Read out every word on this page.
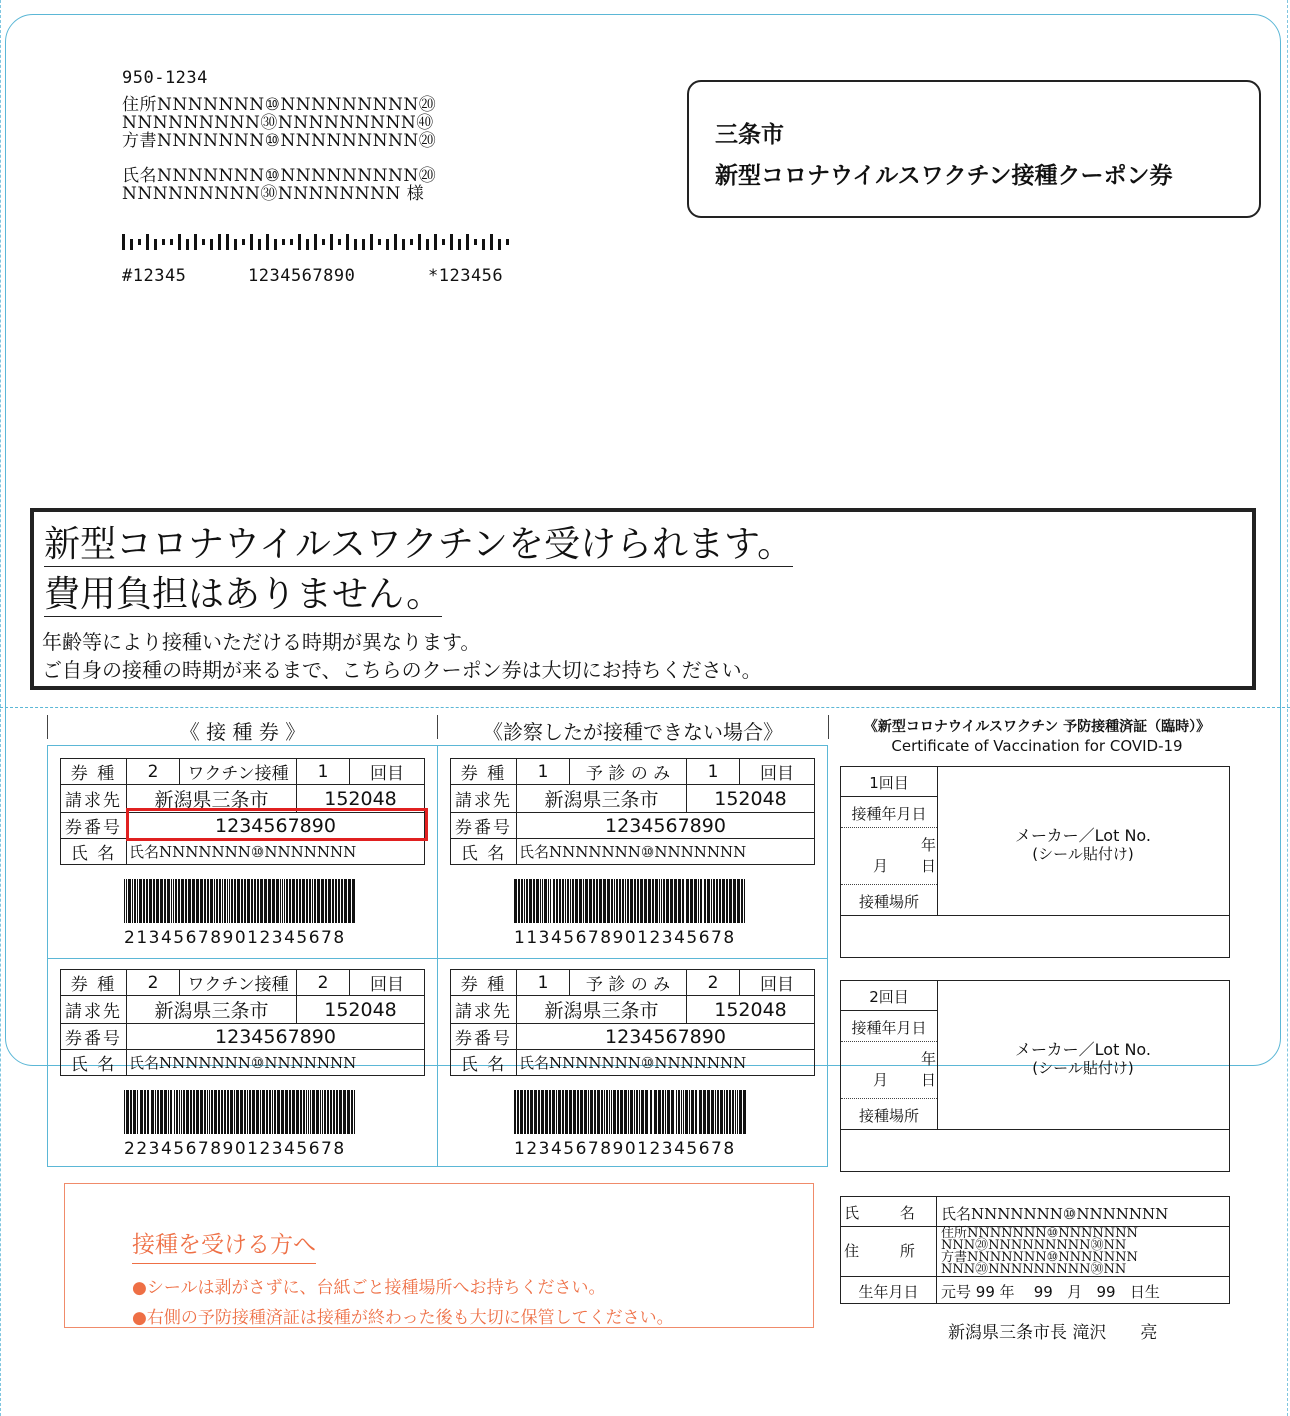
950-1234
住所NNNNNNN⑩NNNNNNNNN⑳
NNNNNNNNN㉚NNNNNNNNN㊵
方書NNNNNNN⑩NNNNNNNNN⑳
氏名NNNNNNN⑩NNNNNNNNN⑳
NNNNNNNNN㉚NNNNNNNN 様
#12345	1234567890	*123456
三条市
新型コロナウイルスワクチン接種クーポン券
新型コロナウイルスワクチンを受けられます。
費用負担はありません。
年齢等により接種いただける時期が異なります。
ご自身の接種の時期が来るまで、こちらのクーポン券は大切にお持ちください。
《 接 種 券 》	《診察したが接種できない場合》	《新型コロナウイルスワクチン 予防接種済証（臨時）》
Certificate of Vaccination for COVID-19
券 種	2	ワクチン接種	1	回目
請求先	新潟県三条市		152048	
券番号	1234567890			
氏 名	氏名NNNNNNN⑩NNNNNNN			
213456789012345678
券 種	1	予 診 の み	1	回目
請求先	新潟県三条市		152048	
券番号	1234567890			
氏 名	氏名NNNNNNN⑩NNNNNNN			
113456789012345678
券 種	2	ワクチン接種	2	回目
請求先	新潟県三条市		152048	
券番号	1234567890			
氏 名	氏名NNNNNNN⑩NNNNNNN			
223456789012345678
券 種	1	予 診 の み	2	回目
請求先	新潟県三条市		152048	
券番号	1234567890			
氏 名	氏名NNNNNNN⑩NNNNNNN			
123456789012345678
1回目
接種年月日
年
月 日
接種場所
メーカー／Lot No.
(シール貼付け)
2回目
接種年月日
年
月 日
接種場所
メーカー／Lot No.
(シール貼付け)
氏 名 氏名NNNNNNN⑩NNNNNNN
住 所
住所NNNNNNN⑩NNNNNNN
NNN⑳NNNNNNNNN㉚NN
方書NNNNNNN⑩NNNNNNN
NNN⑳NNNNNNNNN㉚NN
生年月日	元号 99 年 99 月 99 日生
新潟県三条市長 滝沢　　亮
接種を受ける方へ
●シールは剥がさずに、台紙ごと接種場所へお持ちください。
●右側の予防接種済証は接種が終わった後も大切に保管してください。
